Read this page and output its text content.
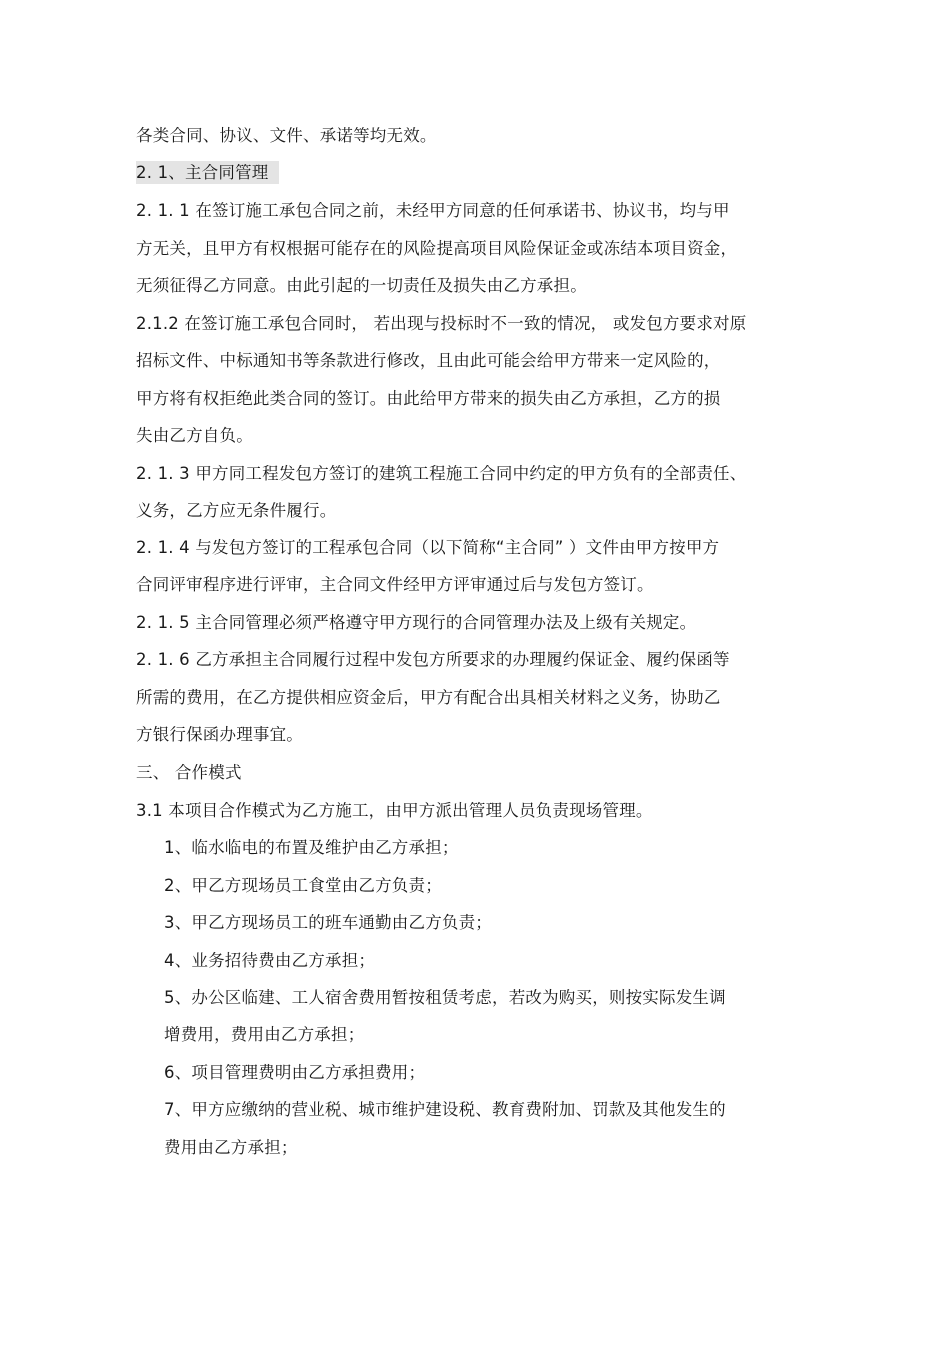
各类合同、协议、文件、承诺等均无效。
2. 1、主合同管理
2. 1. 1 在签订施工承包合同之前，未经甲方同意的任何承诺书、协议书，均与甲
方无关，且甲方有权根据可能存在的风险提高项目风险保证金或冻结本项目资金，
无须征得乙方同意。由此引起的一切责任及损失由乙方承担。
2.1.2 在签订施工承包合同时， 若出现与投标时不一致的情况， 或发包方要求对原
招标文件、中标通知书等条款进行修改，且由此可能会给甲方带来一定风险的，
甲方将有权拒绝此类合同的签订。由此给甲方带来的损失由乙方承担，乙方的损
失由乙方自负。
2. 1. 3 甲方同工程发包方签订的建筑工程施工合同中约定的甲方负有的全部责任、
义务，乙方应无条件履行。
2. 1. 4 与发包方签订的工程承包合同（以下简称“主合同” ）文件由甲方按甲方
合同评审程序进行评审，主合同文件经甲方评审通过后与发包方签订。
2. 1. 5 主合同管理必须严格遵守甲方现行的合同管理办法及上级有关规定。
2. 1. 6 乙方承担主合同履行过程中发包方所要求的办理履约保证金、履约保函等
所需的费用，在乙方提供相应资金后，甲方有配合出具相关材料之义务，协助乙
方银行保函办理事宜。
三、 合作模式
3.1 本项目合作模式为乙方施工，由甲方派出管理人员负责现场管理。
1、临水临电的布置及维护由乙方承担；
2、甲乙方现场员工食堂由乙方负责；
3、甲乙方现场员工的班车通勤由乙方负责；
4、业务招待费由乙方承担；
5、办公区临建、工人宿舍费用暂按租赁考虑，若改为购买，则按实际发生调
增费用，费用由乙方承担；
6、项目管理费明由乙方承担费用；
7、甲方应缴纳的营业税、城市维护建设税、教育费附加、罚款及其他发生的
费用由乙方承担；
